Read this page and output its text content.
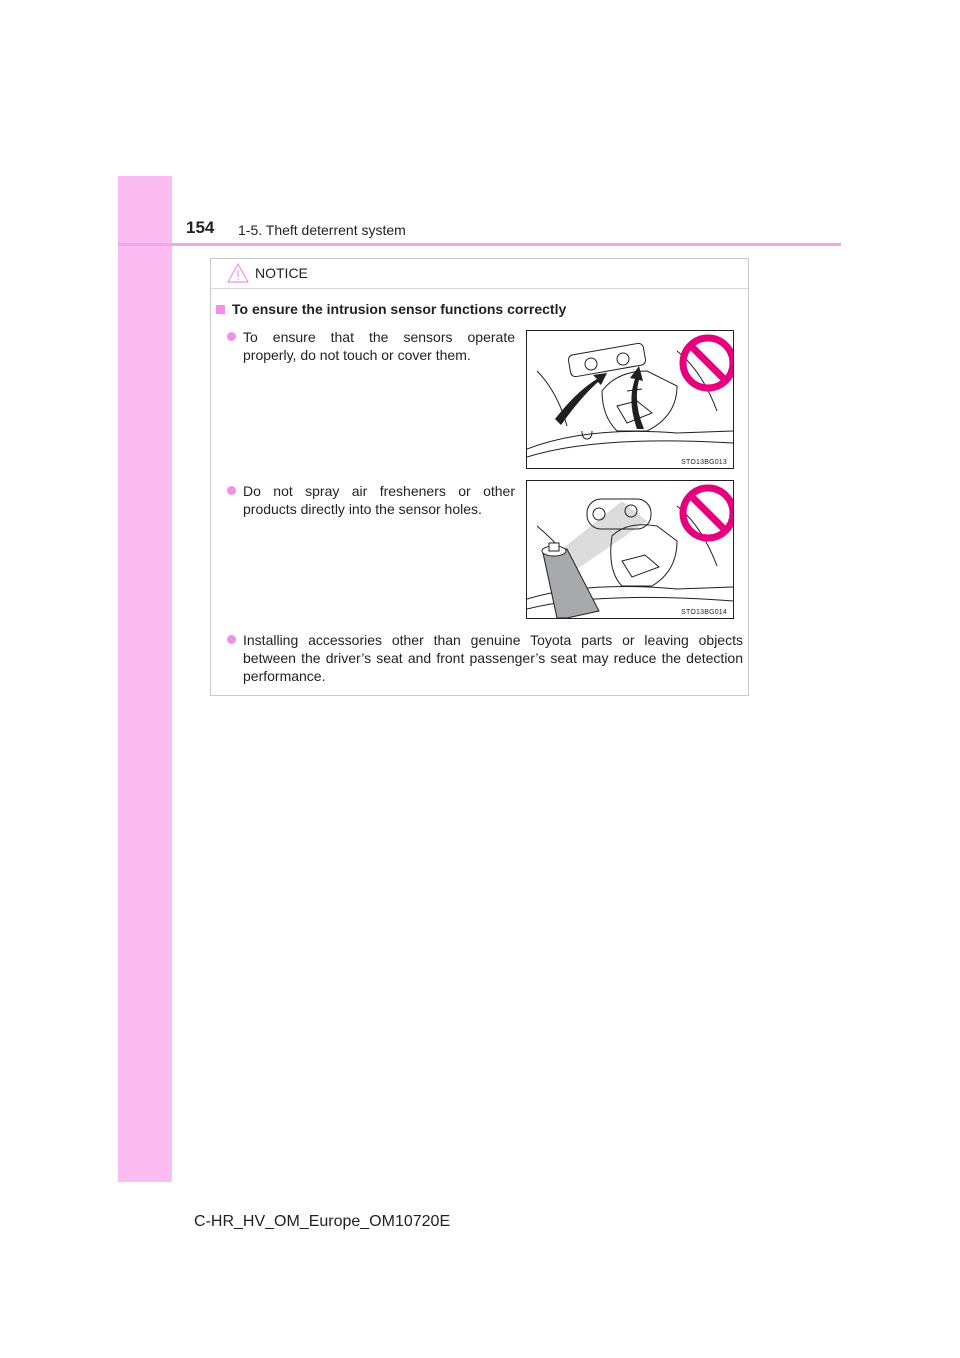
154 1-5. Theft deterrent system
NOTICE
To ensure the intrusion sensor functions correctly

To ensure that the sensors operate properly, do not touch or cover them.

Do not spray air fresheners or other products directly into the sensor holes.

Installing accessories other than genuine Toyota parts or leaving objects between the driver’s seat and front passenger’s seat may reduce the detection performance.

STO13BG013
STO13BG014
C-HR_HV_OM_Europe_OM10720E
